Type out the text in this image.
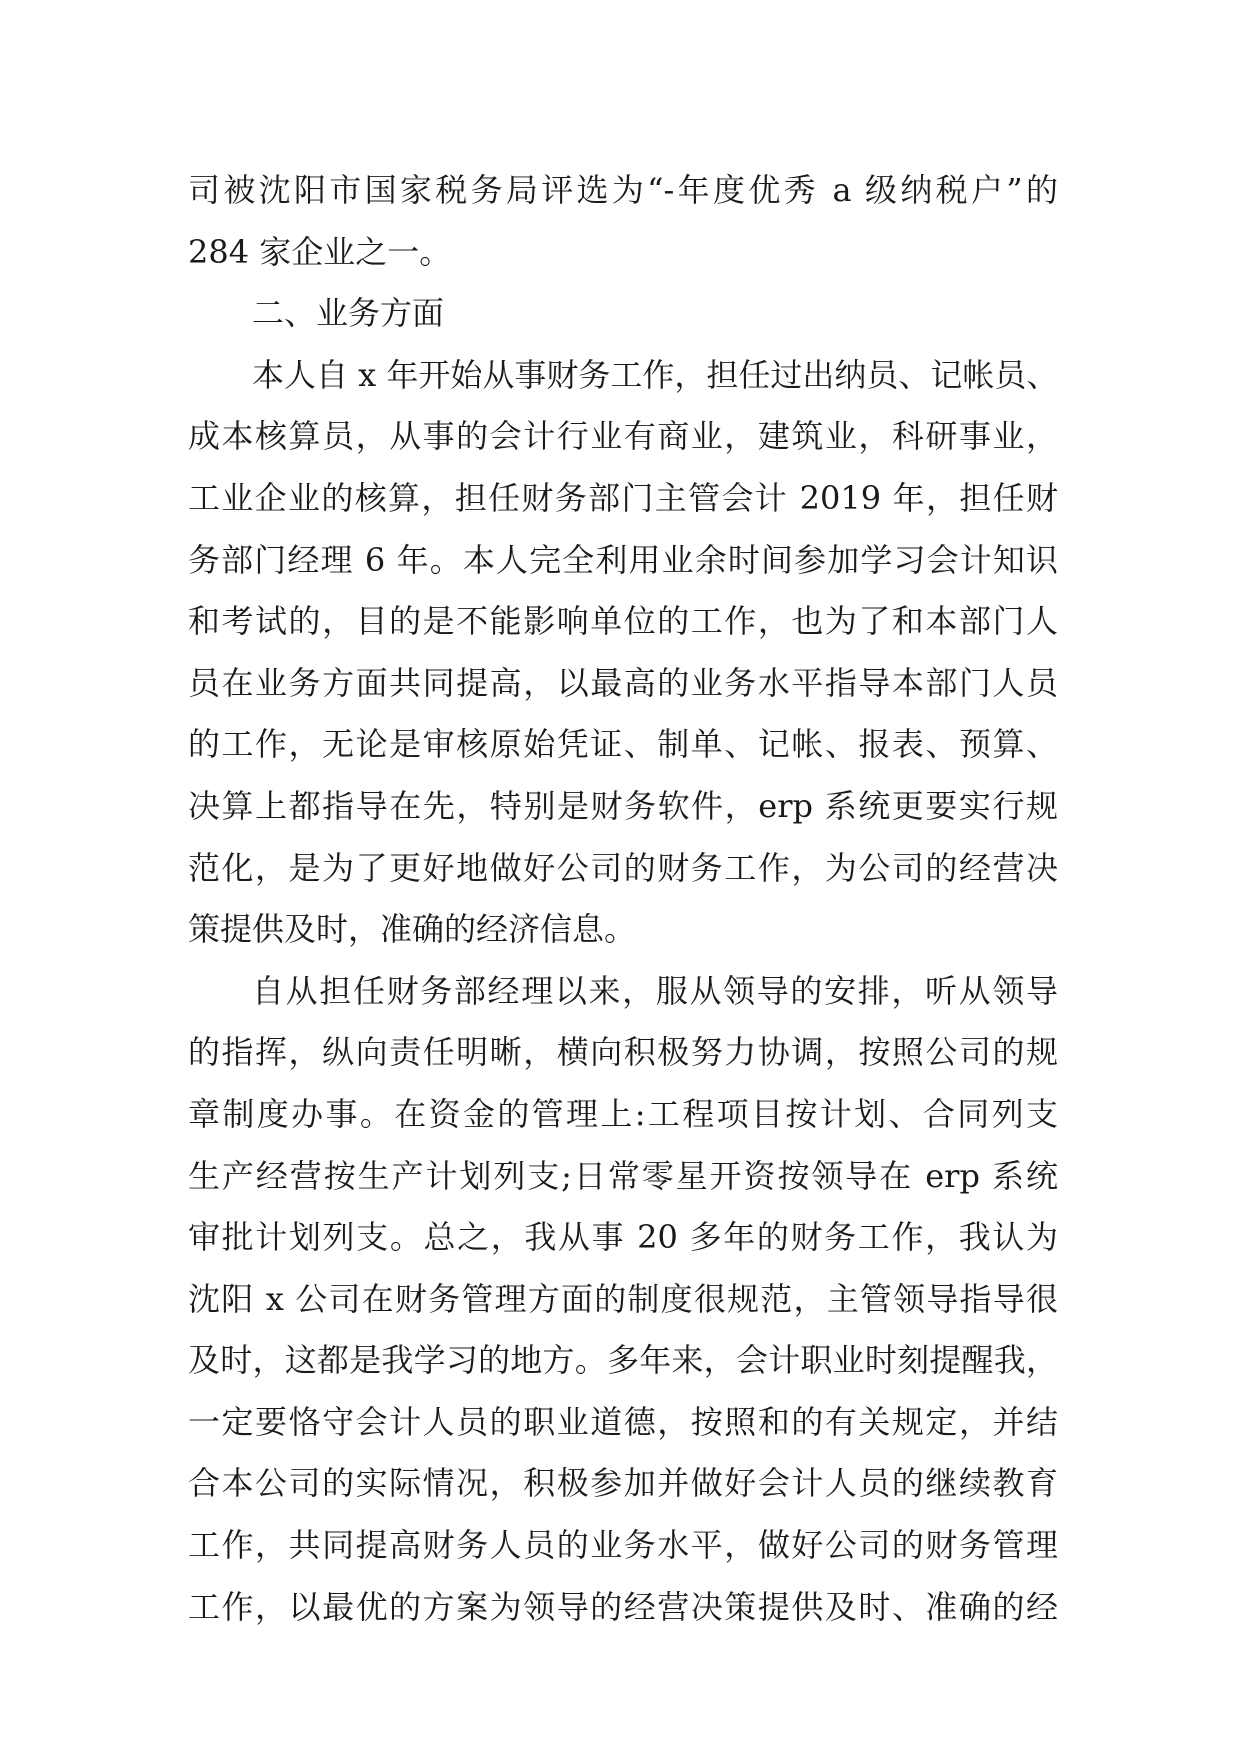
司被沈阳市国家税务局评选为“-年度优秀 a 级纳税户”的
284 家企业之一。
二、业务方面
本人自 x 年开始从事财务工作，担任过出纳员、记帐员、
成本核算员，从事的会计行业有商业，建筑业，科研事业，
工业企业的核算，担任财务部门主管会计 2019 年，担任财
务部门经理 6 年。本人完全利用业余时间参加学习会计知识
和考试的，目的是不能影响单位的工作，也为了和本部门人
员在业务方面共同提高，以最高的业务水平指导本部门人员
的工作，无论是审核原始凭证、制单、记帐、报表、预算、
决算上都指导在先，特别是财务软件，erp 系统更要实行规
范化，是为了更好地做好公司的财务工作，为公司的经营决
策提供及时，准确的经济信息。
自从担任财务部经理以来，服从领导的安排，听从领导
的指挥，纵向责任明晰，横向积极努力协调，按照公司的规
章制度办事。在资金的管理上:工程项目按计划、合同列支
生产经营按生产计划列支;日常零星开资按领导在 erp 系统
审批计划列支。总之，我从事 20 多年的财务工作，我认为
沈阳 x 公司在财务管理方面的制度很规范，主管领导指导很
及时，这都是我学习的地方。多年来，会计职业时刻提醒我，
一定要恪守会计人员的职业道德，按照和的有关规定，并结
合本公司的实际情况，积极参加并做好会计人员的继续教育
工作，共同提高财务人员的业务水平，做好公司的财务管理
工作，以最优的方案为领导的经营决策提供及时、准确的经
